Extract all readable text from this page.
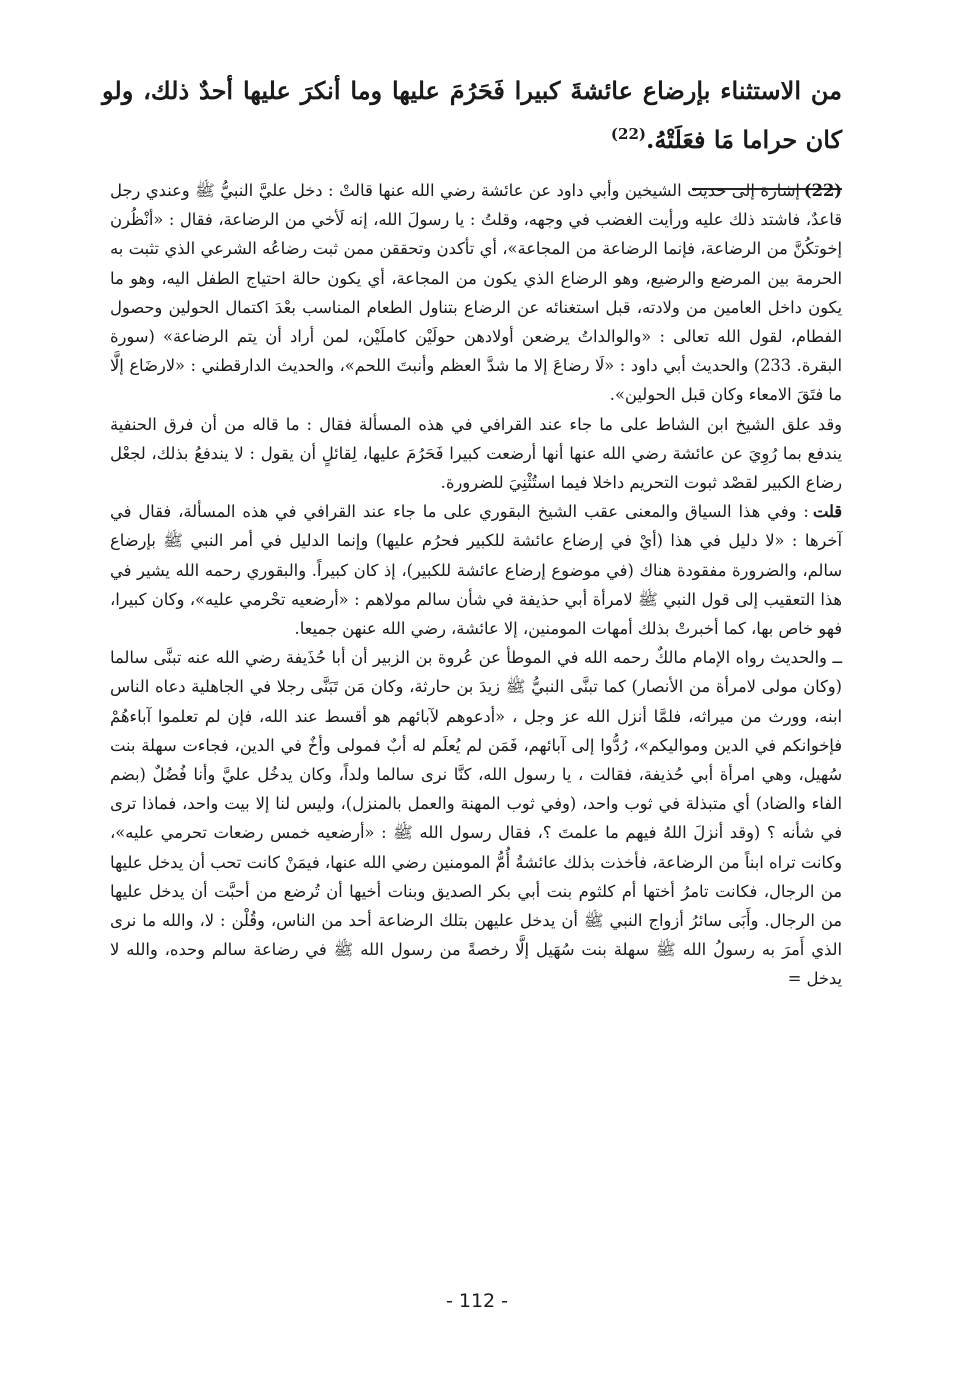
من الاستثناء بإرضاع عائشةَ كبيرا فَحَرُمَ عليها وما أنكرَ عليها أحدٌ ذلك، ولو كان حراما مَا فعَلَتْهُ.$^{(22)}$

(22)إشارة إلى حديث الشيخين وأبي داود عن عائشة رضي الله عنها قالتْ : دخل عليَّ النبيُّ ﷺ وعندي رجل قاعدٌ، فاشتد ذلك عليه ورأيت الغضب في وجهه، وقلتُ : يا رسولَ الله، إنه لَأخي من الرضاعة، فقال : «أنْظُرن إخوتكُنَّ من الرضاعة، فإنما الرضاعة من المجاعة»، أي تأكدن وتحقق‍ن ممن ثبت رضاعُه الشرعي الذي تثبت به الحرمة بين المرضع والرضيع، وهو الرضاع الذي يكون من المجاعة، أي يكون حالة احتياج الطفل اليه، وهو ما يكون داخل العامين من ولادته، قبل استغنائه عن الرضاع بتناول الطعام المناسب بعْدَ اكتمال الحولين وحصول الفطام، لقول الله تعالى : «والوالداتُ يرضعن أولادهن حولَيْن كاملَيْن، لمن أراد أن يتم الرضاعة» (سورة البقرة. 233) والحديث أبي داود : «لَا رضاعَ إلا ما شدَّ العظم وأنبتَ اللحم»، والحديث الدارقطني : «لارضَاع إلَّا ما فتَقَ الامعاء وكان قبل الحولين».

وقد علق الشيخ ابن الشاط على ما جاء عند القرافي في هذه المسألة فقال : ما قاله من أن فرق الحنفية يندفع بما رُوِيَ عن عائشة رضي الله عنها أنها أرضعت كبيرا فَحَرُمَ عليها، لِقائلٍ أن يقول : لا يندفعُ بذلك، لجعْل رضاع الكبير لقصْد ثبوت التحريم داخلا فيما استُثْنِيَ للضرورة.

قلت: وفي هذا السياق والمعنى عقب الشيخ البقوري على ما جاء عند القرافي في هذه المسألة، فقال في آخرها : «لا دليل في هذا (أيْ في إرضاع عائشة للكبير فحرُم عليها) وإنما الدليل في أمر النبي ﷺ بإرضاع سالم، والضرورة مفقودة هناك (في موضوع إرضاع عائشة للكبير)، إذ كان كبيراً. والبقوري رحمه الله يشير في هذا التعقيب إلى قول النبي ﷺ لامرأة أبي حذيفة في شأن سالم مولاهم : «أرضعيه تحْرمي عليه»، وكان كبيرا، فهو خاص بها، كما أخبرتْ بذلك أمهات المومنين، إلا عائشة، رضي الله عنهن جميعا.

ــ والحديث رواه الإمام مالكٌ رحمه الله في الموطأ عن عُروة بن الزبير أن أبا حُذَيفة رضي الله عنه تبنَّى سالما (وكان مولى لامرأة من الأنصار) كما تبنَّى النبيُّ ﷺ زيدَ بن حارثة، وكان مَن تَبَنَّى رجلا في الجاهلية دعاه الناس ابنه، وورث من ميراثه، فلمَّا أنزل الله عز وجل ، «أدعوهم لآبائهم هو أقسط عند الله، فإن لم تعلموا آباءهُمْ فإخوانكم في الدين ومواليكم»، رُدُّوا إلى آبائهم، فَمَن لم يُعلَم له أبٌ فمولى وأخٌ في الدين، فجاءت سهلة بنت سُهيل، وهي امرأة أبي حُذيفة، فقالت ، يا رسول الله، كنَّا نرى سالما ولداً، وكان يدخُل عليَّ وأنا فُضُلٌ (بضم الفاء والضاد) أي متبذلة في ثوب واحد، (وفي ثوب المهنة والعمل بالمنزل)، وليس لنا إلا بيت واحد، فماذا ترى في شأنه ؟ (وقد أنزلَ اللهُ فيهم ما علمتَ ؟، فقال رسول الله ﷺ : «أرضعيه خمس رضعات تحرمي عليه»، وكانت تراه ابناً من الرضاعة، فأخذت بذلك عائشةُ أُمُّ المومنين رضي الله عنها، فيمَنْ كانت تحب أن يدخل عليها من الرجال، فكانت تامرُ أختها أم كلثوم بنت أبي بكر الصديق وبنات أخيها أن تُرضع من أحبَّت أن يدخل عليها من الرجال. وأَبَى سائرُ أزواج النبي ﷺ أن يدخل عليهن بتلك الرضاعة أحد من الناس، وقُلْن : لا، والله ما نرى الذي أَمرَ به رسولُ الله ﷺ سهلة بنت سُهَيل إلَّا رخصةً من رسول الله ﷺ في رضاعة سالم وحده، والله لا يدخل =

- 112 -
